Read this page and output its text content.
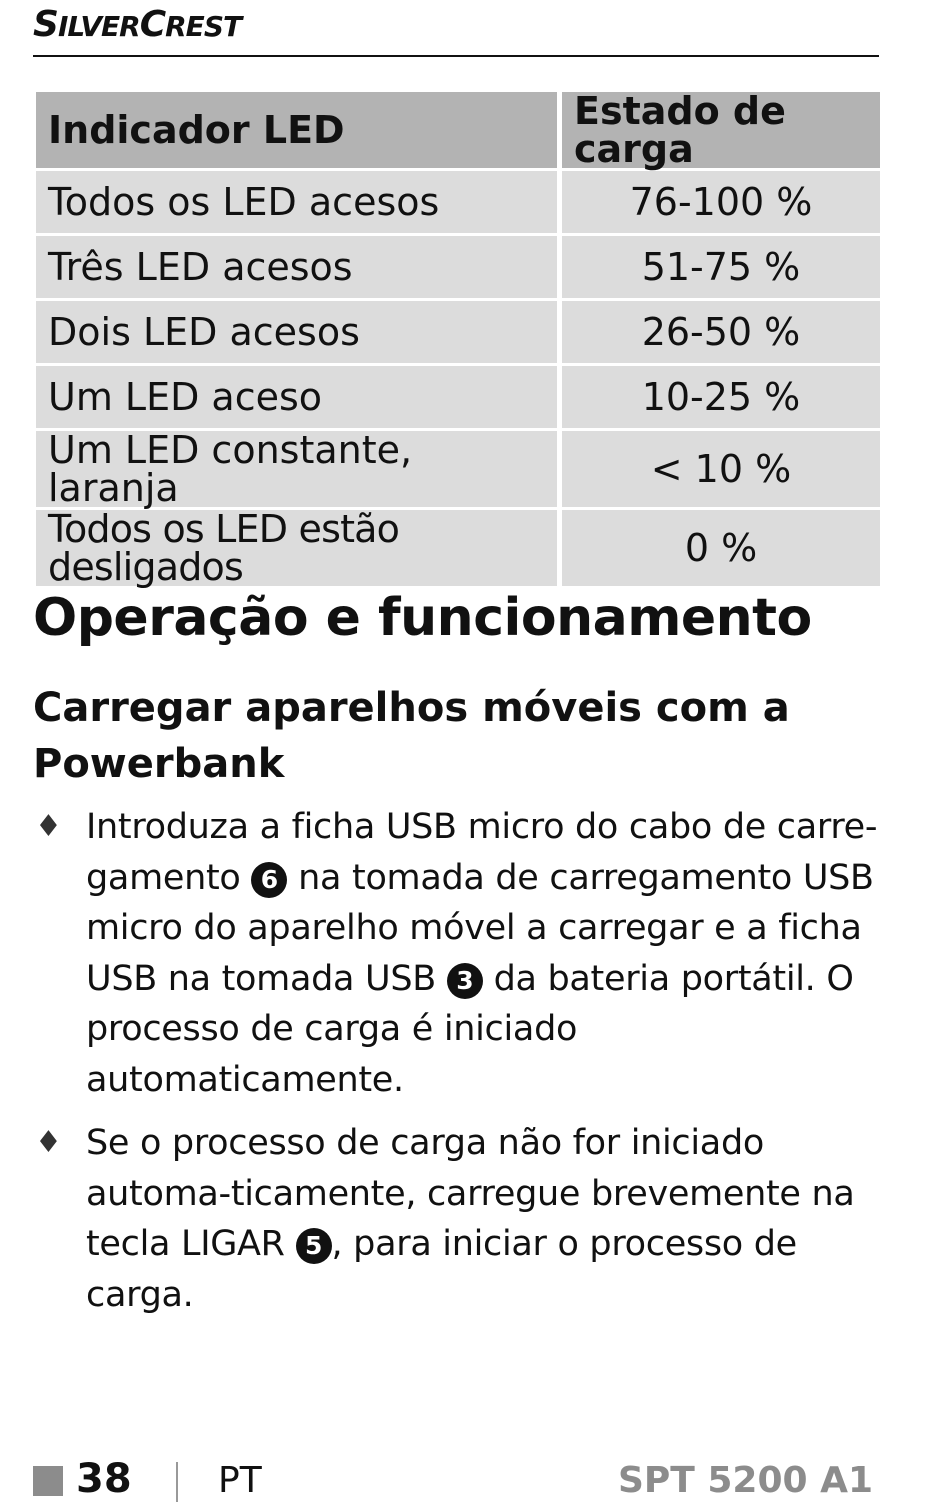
SILVERCREST
Indicador LED	Estado de carga
Todos os LED acesos	76-100 %
Três LED acesos	51-75 %
Dois LED acesos	26-50 %
Um LED aceso	10-25 %
Um LED constante, laranja	< 10 %
Todos os LED estão desligados	0 %
Operação e funcionamento
Carregar aparelhos móveis com a Powerbank
♦ Introduza a ficha USB micro do cabo de carre-gamento 6 na tomada de carregamento USB micro do aparelho móvel a carregar e a ficha USB na tomada USB 3 da bateria portátil. O processo de carga é iniciado automaticamente.
♦ Se o processo de carga não for iniciado automa-ticamente, carregue brevemente na tecla LIGAR 5 , para iniciar o processo de carga.
38 PT	SPT 5200 A1
